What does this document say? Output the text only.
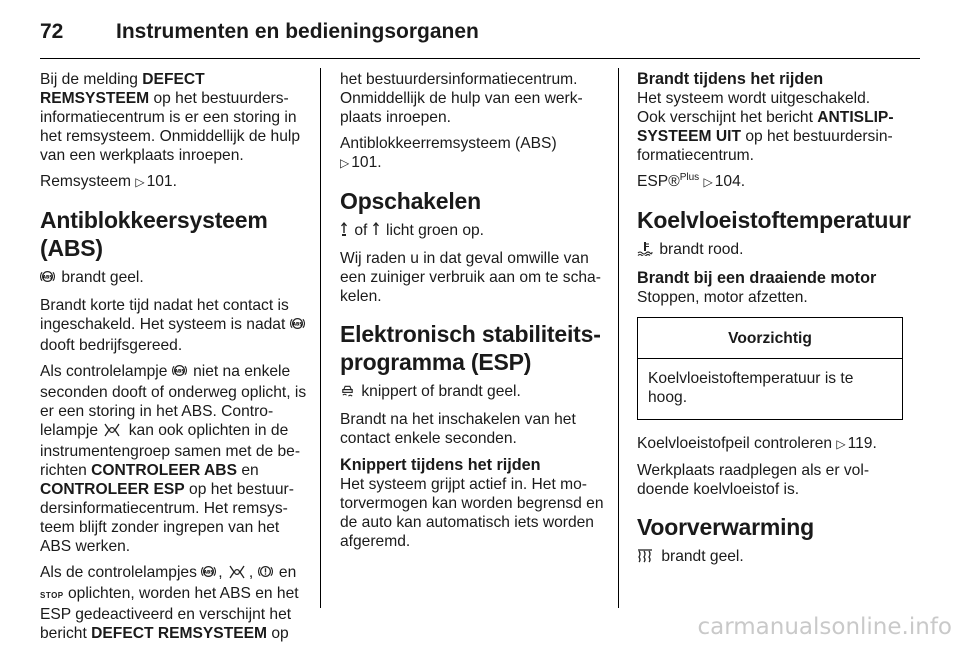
72	Instrumenten en bedieningsorganen

Bij de melding DEFECT REMSYSTEEM op het bestuurdersinformatiecentrum is er een storing in het remsysteem. Onmiddellijk de hulp van een werkplaats inroepen.

Remsysteem ▷ 101.

Antiblokkeersysteem (ABS)

ABS brandt geel.

Brandt korte tijd nadat het contact is ingeschakeld. Het systeem is nadat ABS
dooft bedrijfsgereed.

Als controlelampje ABS niet na enkele seconden dooft of onderweg oplicht, is er een storing in het ABS. Controlelampje  kan ook oplichten in de instrumentengroep samen met de berichten CONTROLEER ABS en CONTROLEER ESP op het bestuurdersinformatiecentrum. Het remsysteem blijft zonder ingrepen van het ABS werken.

Als de controlelampjes ABS , ,  en STOP oplichten, worden het ABS en het ESP gedeactiveerd en verschijnt het bericht DEFECT REMSYSTEEM op

het bestuurdersinformatiecentrum. Onmiddellijk de hulp van een werkplaats inroepen.

Antiblokkeerremsysteem (ABS)
▷ 101.

Opschakelen

of licht groen op.

Wij raden u in dat geval omwille van een zuiniger verbruik aan om te schakelen.

Elektronisch stabiliteitsprogramma (ESP)

knippert of brandt geel.

Brandt na het inschakelen van het contact enkele seconden.

Knippert tijdens het rijden

Het systeem grijpt actief in. Het motorvermogen kan worden begrensd en de auto kan automatisch iets worden afgeremd.

Brandt tijdens het rijden

Het systeem wordt uitgeschakeld.

Ook verschijnt het bericht ANTISLIP-SYSTEEM UIT op het bestuurdersinformatiecentrum.

ESP®$^{Plus}$ ▷ 104.

Koelvloeistoftemperatuur

brandt rood.

Brandt bij een draaiende motor

Stoppen, motor afzetten.

Voorzichtig
Koelvloeistoftemperatuur is te hoog.

Koelvloeistofpeil controleren ▷ 119.

Werkplaats raadplegen als er voldoende koelvloeistof is.

Voorverwarming

brandt geel.

carmanualsonline.info
